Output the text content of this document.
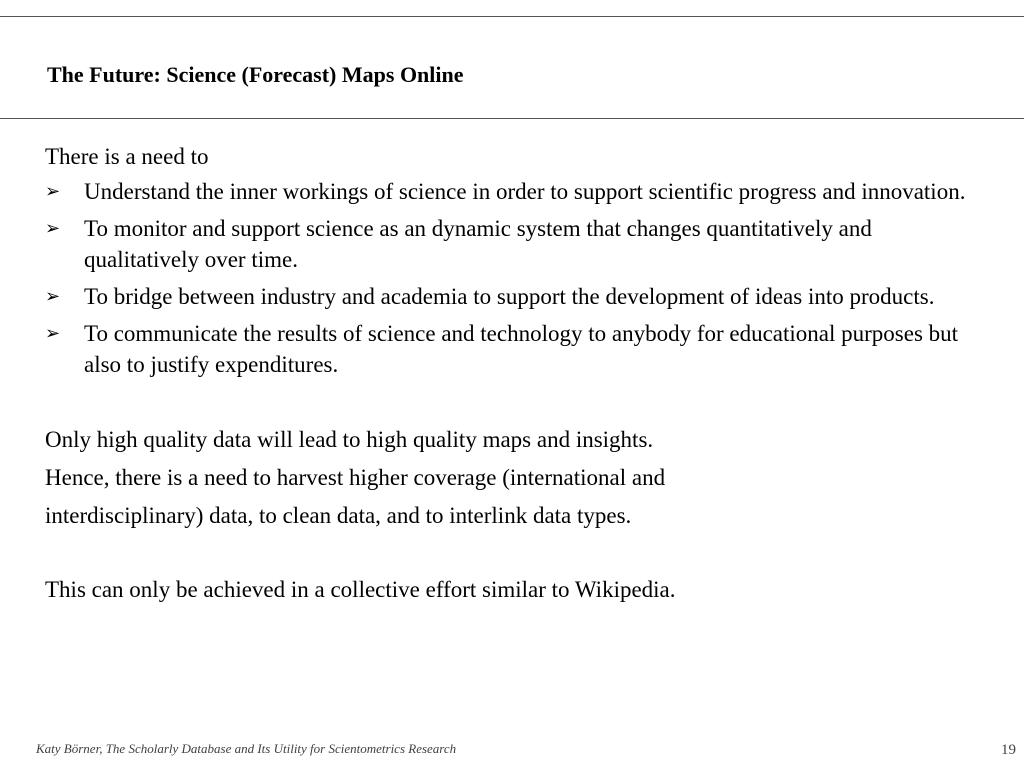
The Future: Science (Forecast) Maps Online

There is a need to

➢ Understand the inner workings of science in order to support scientific progress and innovation.
➢ To monitor and support science as an dynamic system that changes quantitatively and qualitatively over time.
➢ To bridge between industry and academia to support the development of ideas into products.
➢ To communicate the results of science and technology to anybody for educational purposes but also to justify expenditures.

Only high quality data will lead to high quality maps and insights.

Hence, there is a need to harvest higher coverage (international and

interdisciplinary) data, to clean data, and to interlink data types.

This can only be achieved in a collective effort similar to Wikipedia.

Katy Börner, The Scholarly Database and Its Utility for Scientometrics Research	19
